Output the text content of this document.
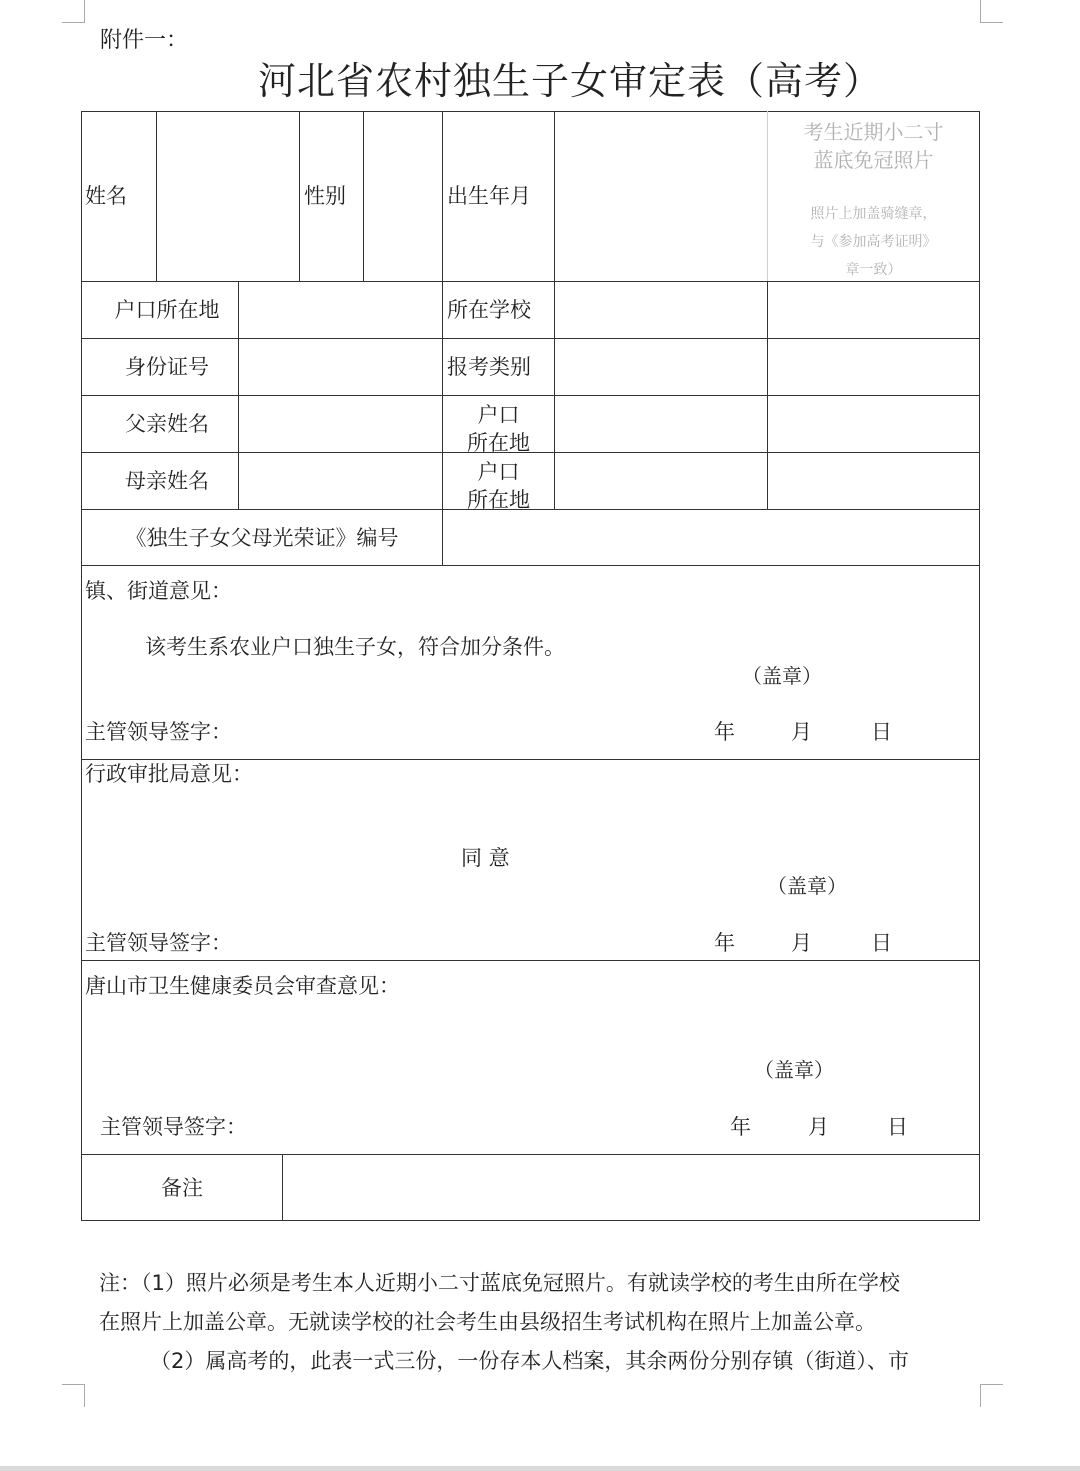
附件一：
河北省农村独生子女审定表（高考）
姓名	性别	出生年月
考生近期小二寸
蓝底免冠照片
照片上加盖骑缝章，
与《参加高考证明》
章一致）
户口所在地	所在学校
身份证号	报考类别
父亲姓名	户口
所在地
母亲姓名	户口
所在地
《独生子女父母光荣证》编号
镇、街道意见：
该考生系农业户口独生子女，符合加分条件。
（盖章）
主管领导签字：	年	月	日
行政审批局意见：
同 意
（盖章）
主管领导签字：	年	月	日
唐山市卫生健康委员会审查意见：
（盖章）
主管领导签字：	年	月	日
备注
注：（1）照片必须是考生本人近期小二寸蓝底免冠照片。有就读学校的考生由所在学校
在照片上加盖公章。无就读学校的社会考生由县级招生考试机构在照片上加盖公章。
（2）属高考的，此表一式三份，一份存本人档案，其余两份分别存镇（街道）、市
